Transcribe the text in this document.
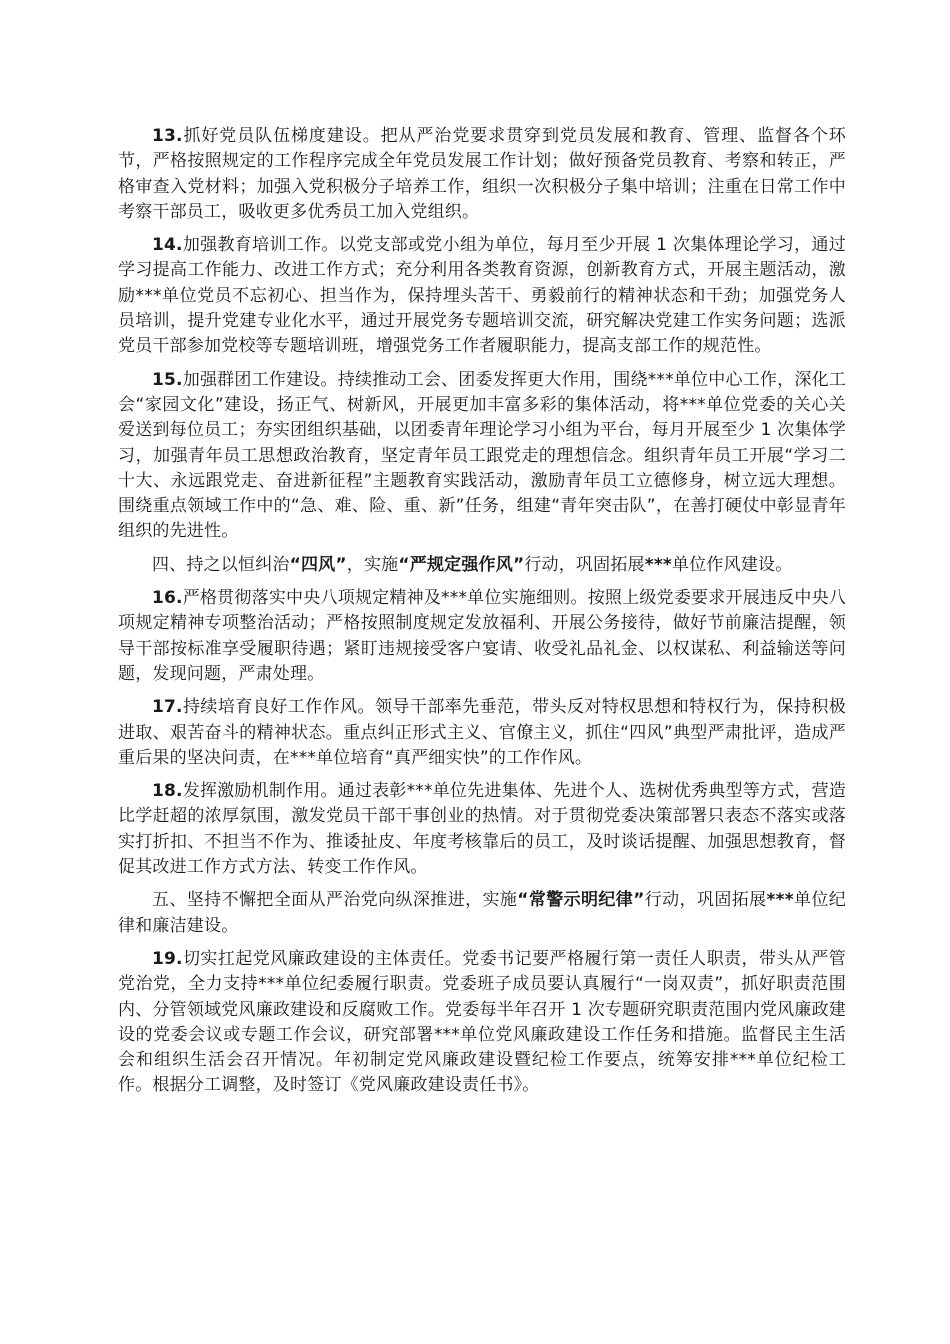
13.抓好党员队伍梯度建设。把从严治党要求贯穿到党员发展和教育、管理、监督各个环节，严格按照规定的工作程序完成全年党员发展工作计划；做好预备党员教育、考察和转正，严格审查入党材料；加强入党积极分子培养工作，组织一次积极分子集中培训；注重在日常工作中考察干部员工，吸收更多优秀员工加入党组织。

14.加强教育培训工作。以党支部或党小组为单位，每月至少开展 1 次集体理论学习，通过学习提高工作能力、改进工作方式；充分利用各类教育资源，创新教育方式，开展主题活动，激励***单位党员不忘初心、担当作为，保持埋头苦干、勇毅前行的精神状态和干劲；加强党务人员培训，提升党建专业化水平，通过开展党务专题培训交流，研究解决党建工作实务问题；选派党员干部参加党校等专题培训班，增强党务工作者履职能力，提高支部工作的规范性。

15.加强群团工作建设。持续推动工会、团委发挥更大作用，围绕***单位中心工作，深化工会“家园文化”建设，扬正气、树新风，开展更加丰富多彩的集体活动，将***单位党委的关心关爱送到每位员工；夯实团组织基础，以团委青年理论学习小组为平台，每月开展至少 1 次集体学习，加强青年员工思想政治教育，坚定青年员工跟党走的理想信念。组织青年员工开展“学习二十大、永远跟党走、奋进新征程”主题教育实践活动，激励青年员工立德修身，树立远大理想。围绕重点领域工作中的“急、难、险、重、新”任务，组建“青年突击队”，在善打硬仗中彰显青年组织的先进性。

四、持之以恒纠治“四风”，实施“严规定强作风”行动，巩固拓展***单位作风建设。

16.严格贯彻落实中央八项规定精神及***单位实施细则。按照上级党委要求开展违反中央八项规定精神专项整治活动；严格按照制度规定发放福利、开展公务接待，做好节前廉洁提醒，领导干部按标准享受履职待遇；紧盯违规接受客户宴请、收受礼品礼金、以权谋私、利益输送等问题，发现问题，严肃处理。

17.持续培育良好工作作风。领导干部率先垂范，带头反对特权思想和特权行为，保持积极进取、艰苦奋斗的精神状态。重点纠正形式主义、官僚主义，抓住“四风”典型严肃批评，造成严重后果的坚决问责，在***单位培育“真严细实快”的工作作风。

18.发挥激励机制作用。通过表彰***单位先进集体、先进个人、选树优秀典型等方式，营造比学赶超的浓厚氛围，激发党员干部干事创业的热情。对于贯彻党委决策部署只表态不落实或落实打折扣、不担当不作为、推诿扯皮、年度考核靠后的员工，及时谈话提醒、加强思想教育，督促其改进工作方式方法、转变工作作风。

五、坚持不懈把全面从严治党向纵深推进，实施“常警示明纪律”行动，巩固拓展***单位纪律和廉洁建设。

19.切实扛起党风廉政建设的主体责任。党委书记要严格履行第一责任人职责，带头从严管党治党，全力支持***单位纪委履行职责。党委班子成员要认真履行“一岗双责”，抓好职责范围内、分管领域党风廉政建设和反腐败工作。党委每半年召开 1 次专题研究职责范围内党风廉政建设的党委会议或专题工作会议，研究部署***单位党风廉政建设工作任务和措施。监督民主生活会和组织生活会召开情况。年初制定党风廉政建设暨纪检工作要点，统筹安排***单位纪检工作。根据分工调整，及时签订《党风廉政建设责任书》。
